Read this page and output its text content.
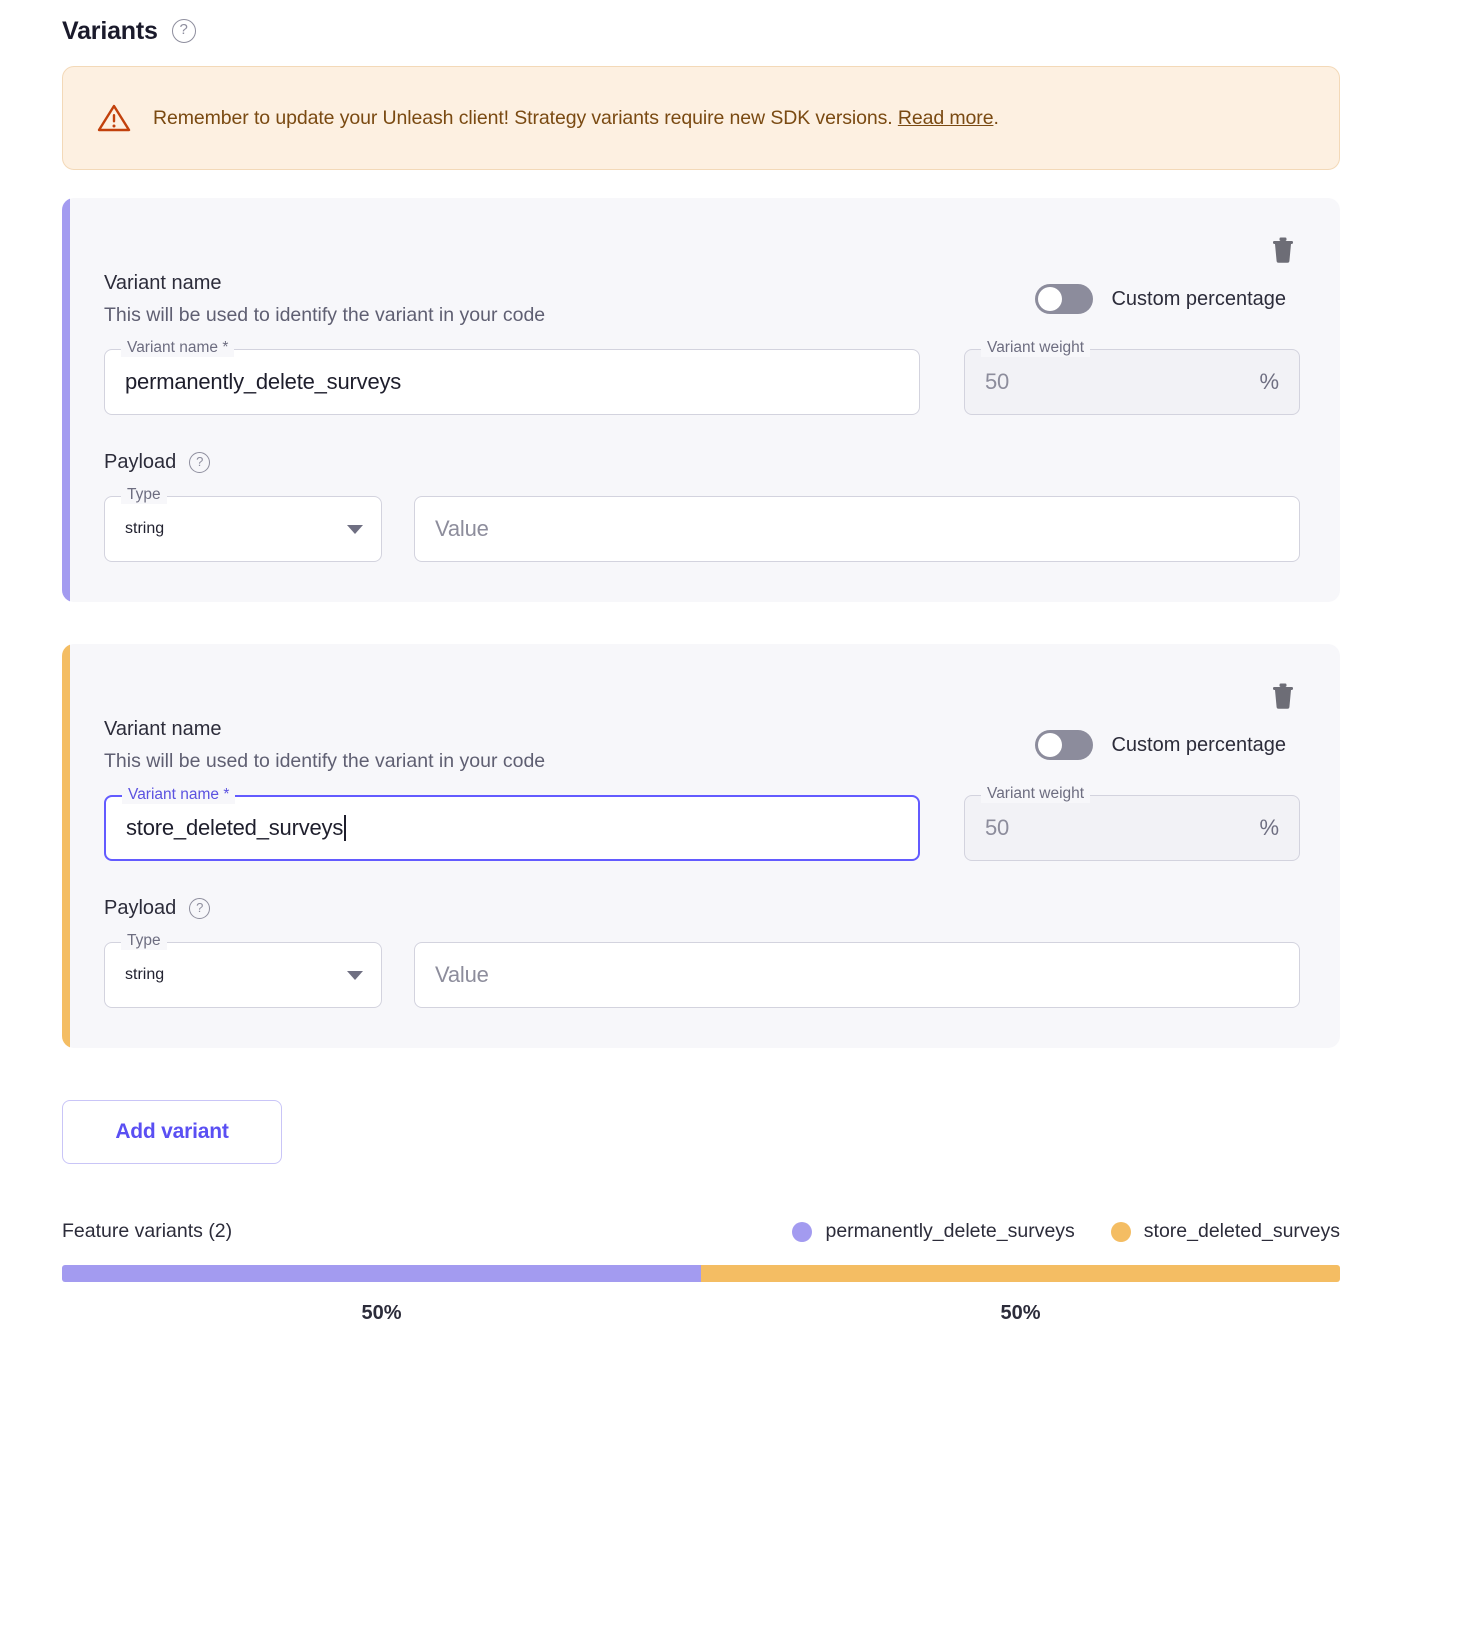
Variants	?
Remember to update your Unleash client! Strategy variants require new SDK versions. Read more.
Variant name
This will be used to identify the variant in your code
Custom percentage
Variant name *
permanently_delete_surveys
Variant weight
50	%
Payload	?
Type
string	Value
Variant name
This will be used to identify the variant in your code
Custom percentage
Variant name *
store_deleted_surveys
Variant weight
50	%
Payload	?
Type
string	Value
Add variant
Feature variants (2)	permanently_delete_surveys	store_deleted_surveys
50%	50%
